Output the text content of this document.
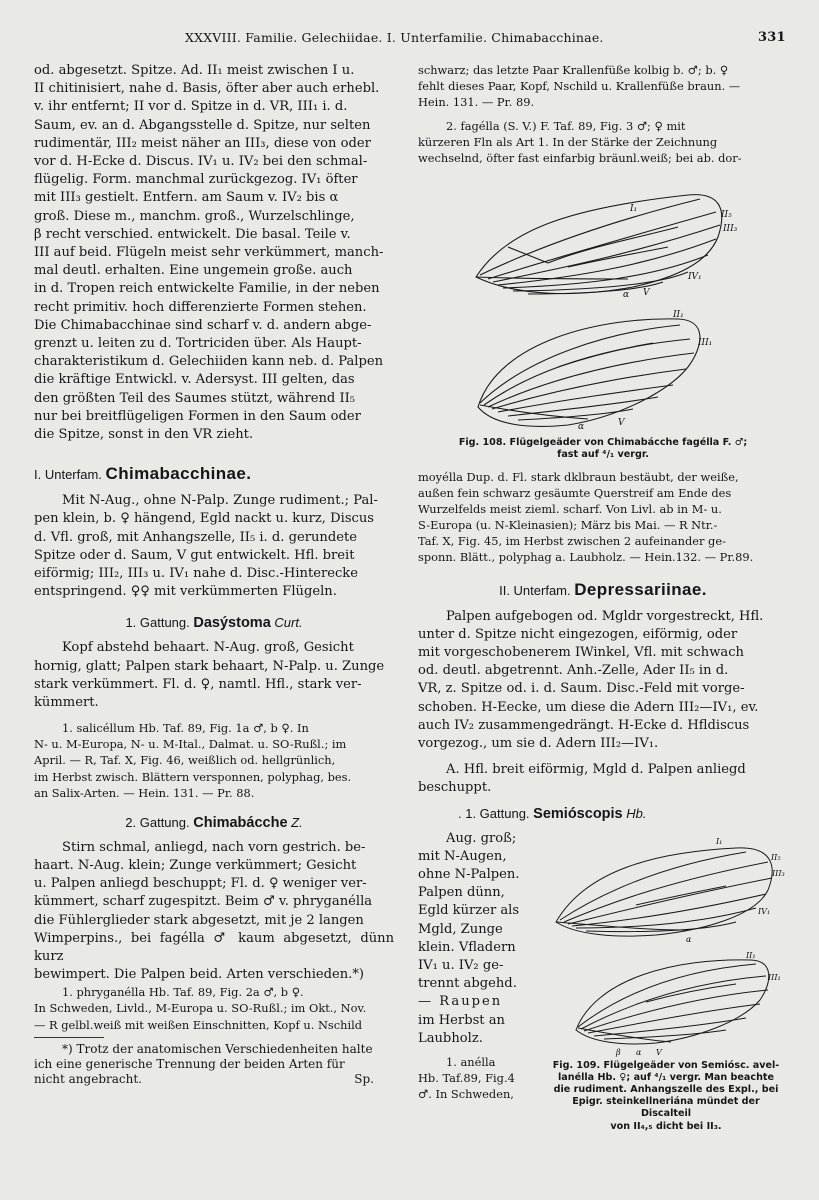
XXXVIII. Familie. Gelechiidae. I. Unterfamilie. Chimabacchinae.	331

od. abgesetzt. Spitze. Ad. II₁ meist zwischen I u.

II chitinisiert, nahe d. Basis, öfter aber auch erhebl.

v. ihr entfernt; II vor d. Spitze in d. VR, III₁ i. d.

Saum, ev. an d. Abgangsstelle d. Spitze, nur selten

rudimentär, III₂ meist näher an III₃, diese von oder

vor d. H-Ecke d. Discus. IV₁ u. IV₂ bei den schmal-

flügelig. Form. manchmal zurückgezog. IV₁ öfter

mit III₃ gestielt. Entfern. am Saum v. IV₂ bis α

groß. Diese m., manchm. groß., Wurzelschlinge,

β recht verschied. entwickelt. Die basal. Teile v.

III auf beid. Flügeln meist sehr verkümmert, manch-

mal deutl. erhalten. Eine ungemein große. auch

in d. Tropen reich entwickelte Familie, in der neben

recht primitiv. hoch differenzierte Formen stehen.

Die Chimabacchinae sind scharf v. d. andern abge-

grenzt u. leiten zu d. Tortriciden über. Als Haupt-

charakteristikum d. Gelechiiden kann neb. d. Palpen

die kräftige Entwickl. v. Adersyst. III gelten, das

den größten Teil des Saumes stützt, während II₅

nur bei breitflügeligen Formen in den Saum oder

die Spitze, sonst in den VR zieht.

I. Unterfam. Chimabacchinae.

Mit N-Aug., ohne N-Palp. Zunge rudiment.; Pal-

pen klein, b. ♀ hängend, Egld nackt u. kurz, Discus

d. Vfl. groß, mit Anhangszelle, II₅ i. d. gerundete

Spitze oder d. Saum, V gut entwickelt. Hfl. breit

eiförmig; III₂, III₃ u. IV₁ nahe d. Disc.-Hinterecke

entspringend. ♀♀ mit verkümmerten Flügeln.

1. Gattung. Dasýstoma Curt.

Kopf abstehd behaart. N-Aug. groß, Gesicht

hornig, glatt; Palpen stark behaart, N-Palp. u. Zunge

stark verkümmert. Fl. d. ♀, namtl. Hfl., stark ver-

kümmert.

1. salicéllum Hb. Taf. 89, Fig. 1a ♂, b ♀. In

N- u. M-Europa, N- u. M-Ital., Dalmat. u. SO-Rußl.; im

April. — R, Taf. X, Fig. 46, weißlich od. hellgrünlich,

im Herbst zwisch. Blättern versponnen, polyphag, bes.

an Salix-Arten. — Hein. 131. — Pr. 88.

2. Gattung. Chimabácche Z.

Stirn schmal, anliegd, nach vorn gestrich. be-

haart. N-Aug. klein; Zunge verkümmert; Gesicht

u. Palpen anliegd beschuppt; Fl. d. ♀ weniger ver-

kümmert, scharf zugespitzt. Beim ♂ v. phryganélla

die Fühlerglieder stark abgesetzt, mit je 2 langen

Wimperpins., bei fagélla ♂ kaum abgesetzt, dünn kurz

bewimpert. Die Palpen beid. Arten verschieden.*)

1. phryganélla Hb. Taf. 89, Fig. 2a ♂, b ♀.

In Schweden, Livld., M-Europa u. SO-Rußl.; im Okt., Nov.

— R gelbl.weiß mit weißen Einschnitten, Kopf u. Nschild

*) Trotz der anatomischen Verschiedenheiten halte

ich eine generische Trennung der beiden Arten für

nicht angebracht.	Sp.

schwarz; das letzte Paar Krallenfüße kolbig b. ♂; b. ♀

fehlt dieses Paar, Kopf, Nschild u. Krallenfüße braun. —

Hein. 131. — Pr. 89.

2. fagélla (S. V.) F. Taf. 89, Fig. 3 ♂; ♀ mit

kürzeren Fln als Art 1. In der Stärke der Zeichnung

wechselnd, öfter fast einfarbig bräunl.weiß; bei ab. dor-

I₁
II₅
III₃
IV₁
α V
II₁
III₁
α	V

Fig. 108. Flügelgeäder von Chimabácche fagélla F. ♂;

fast auf ⁴/₁ vergr.

moyélla Dup. d. Fl. stark dklbraun bestäubt, der weiße,

außen fein schwarz gesäumte Querstreif am Ende des

Wurzelfelds meist zieml. scharf. Von Livl. ab in M- u.

S-Europa (u. N-Kleinasien); März bis Mai. — R Ntr.-

Taf. X, Fig. 45, im Herbst zwischen 2 aufeinander ge-

sponn. Blätt., polyphag a. Laubholz. — Hein.132. — Pr.89.

II. Unterfam. Depressariinae.

Palpen aufgebogen od. Mgldr vorgestreckt, Hfl.

unter d. Spitze nicht eingezogen, eiförmig, oder

mit vorgeschobenerem IWinkel, Vfl. mit schwach

od. deutl. abgetrennt. Anh.-Zelle, Ader II₅ in d.

VR, z. Spitze od. i. d. Saum. Disc.-Feld mit vorge-

schoben. H-Eecke, um diese die Adern III₂—IV₁, ev.

auch IV₂ zusammengedrängt. H-Ecke d. Hfldiscus

vorgezog., um sie d. Adern III₂—IV₁.

A. Hfl. breit eiförmig, Mgld d. Palpen anliegd

beschuppt.

. 1. Gattung. Semióscopis Hb.

Aug. groß;

mit N-Augen,

ohne N-Palpen.

Palpen dünn,

Egld kürzer als

Mgld, Zunge

klein. Vfladern

IV₁ u. IV₂ ge-

trennt abgehd.

— Raupen

im Herbst an

Laubholz.

1. anélla

Hb. Taf.89, Fig.4

♂. In Schweden,

I₁
II₅
III₃
IV₁
α
II₁
III₁
β α V

Fig. 109. Flügelgeäder von Semiósc. avel-

lanélla Hb. ♀; auf ⁴/₁ vergr. Man beachte

die rudiment. Anhangszelle des Expl., bei

Epigr. steinkellneriána mündet der Discalteil

von II₄,₅ dicht bei II₃.
